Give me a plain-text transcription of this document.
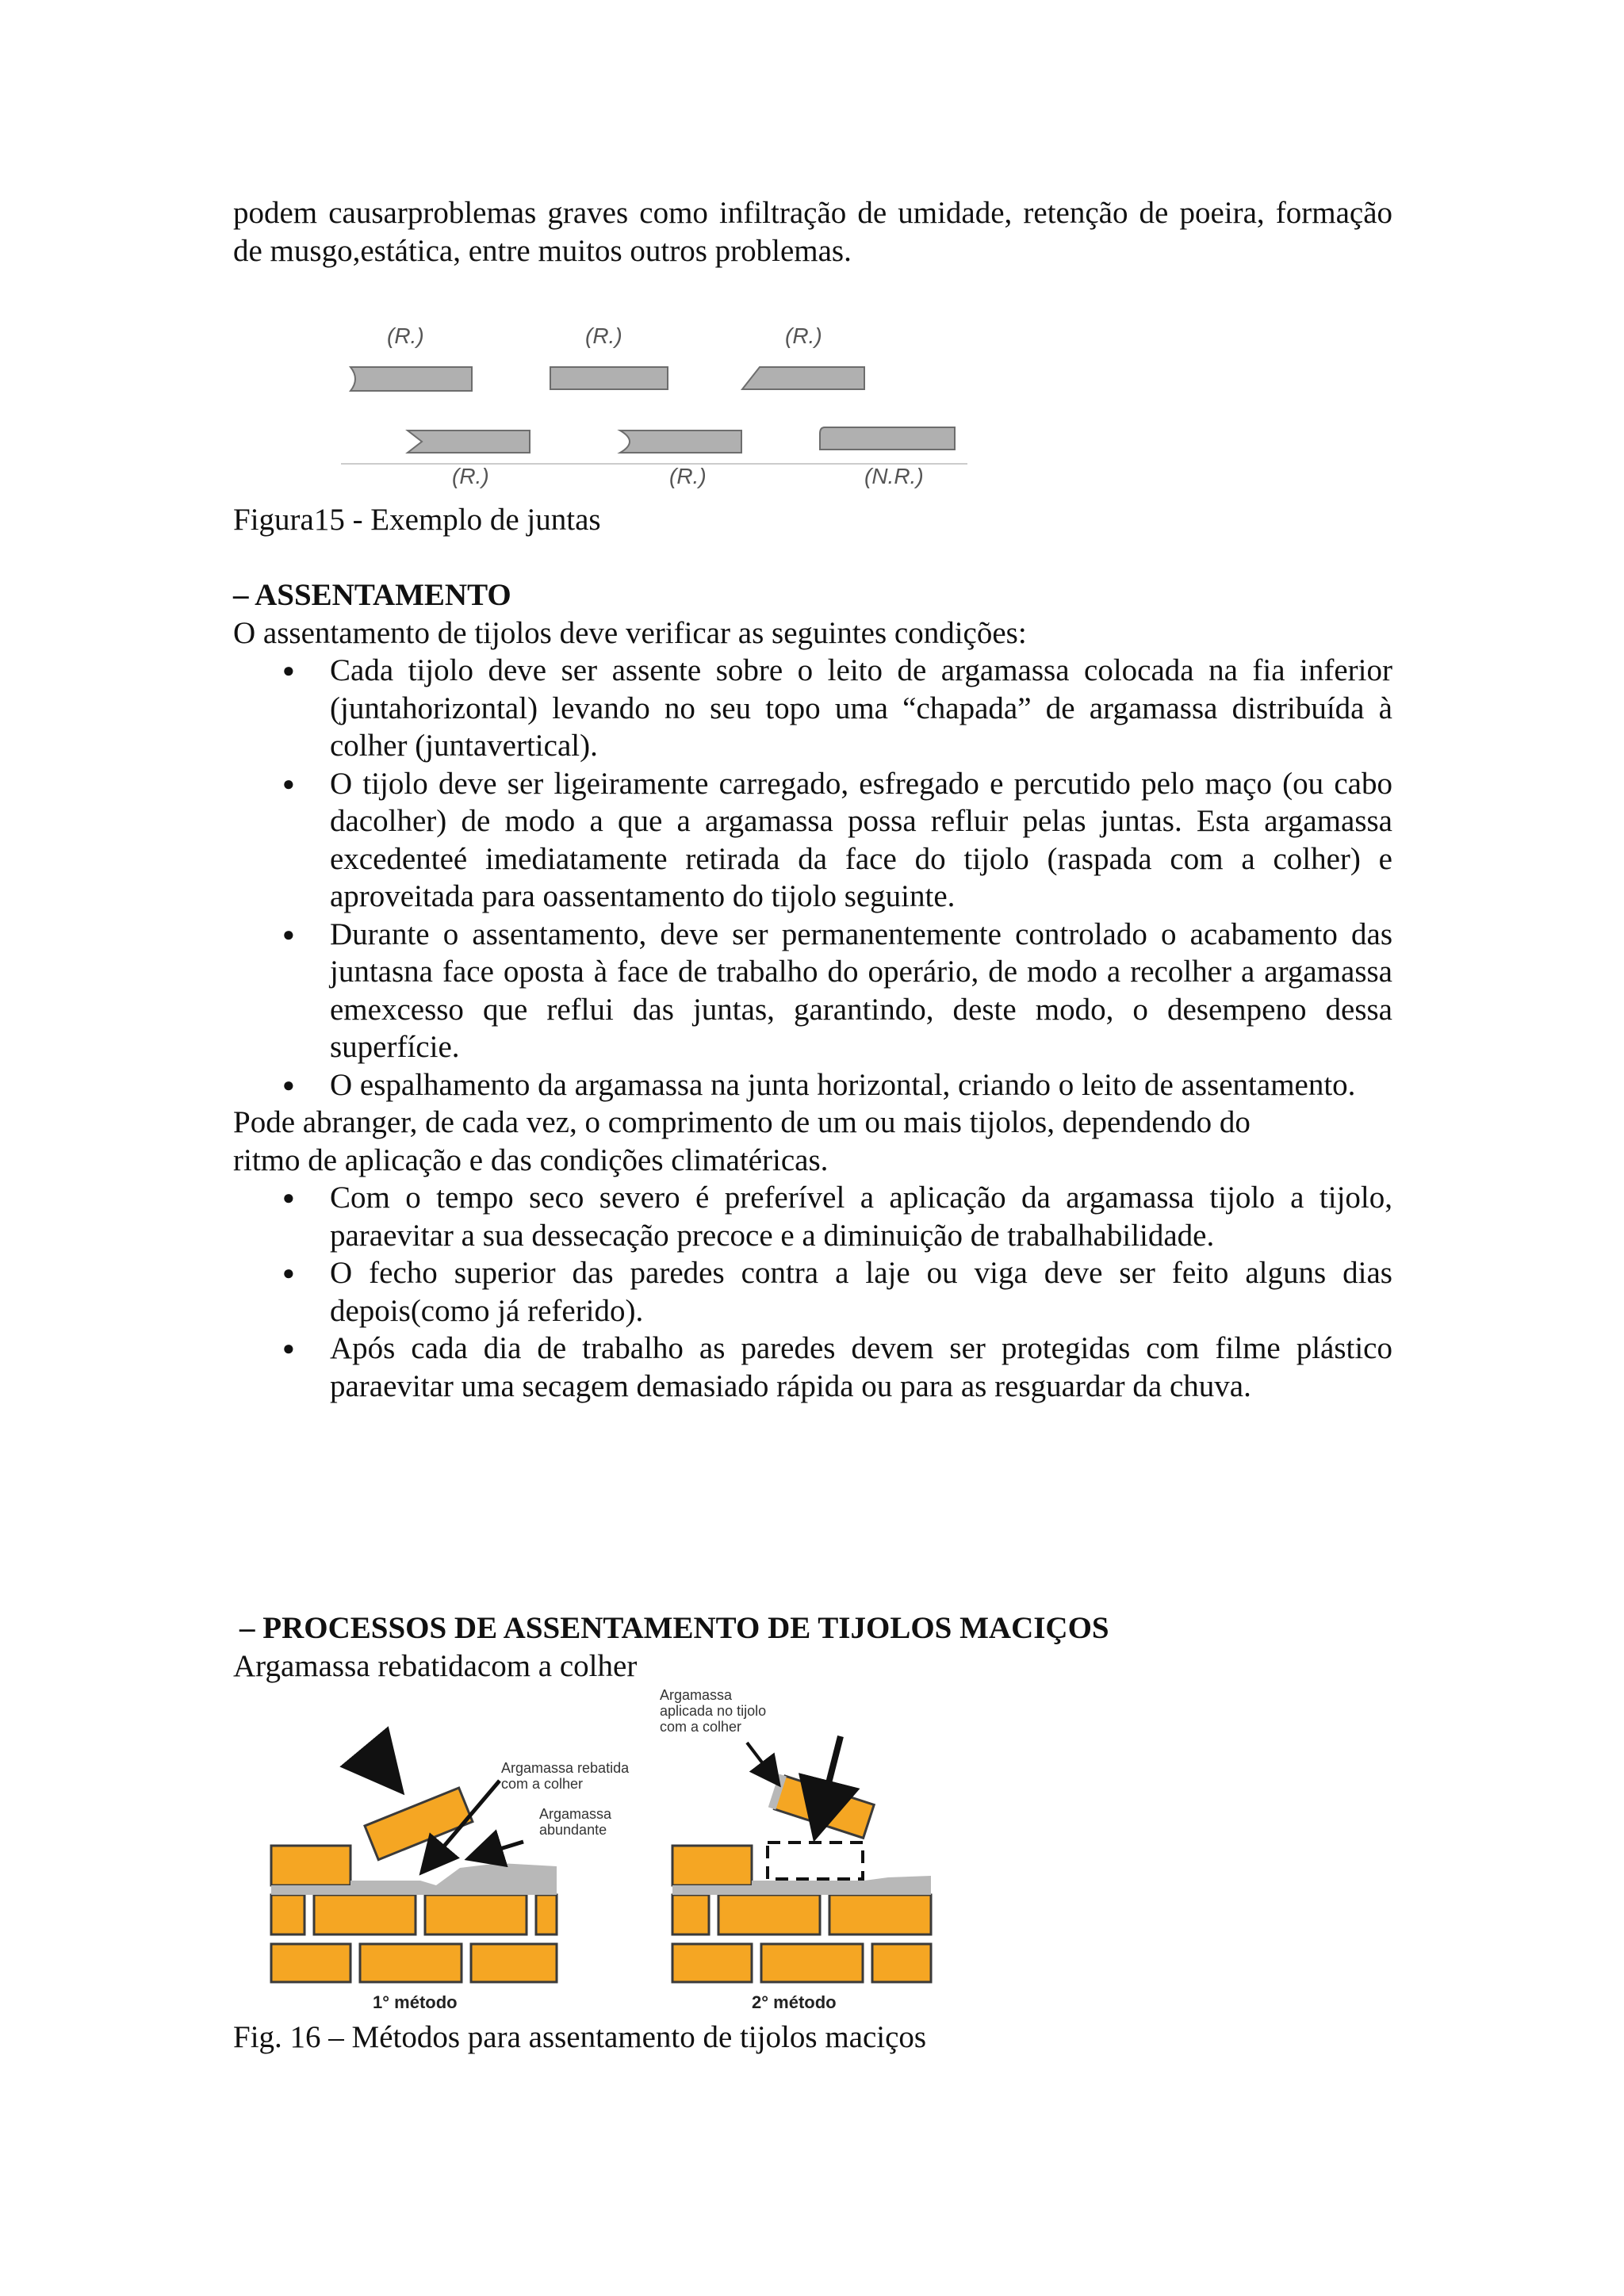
podem causarproblemas graves como infiltração de umidade, retenção de poeira, formação de musgo,estática, entre muitos outros problemas.

(R.)	(R.)	(R.)
(R.)	(R.)	(N.R.)

Figura15 - Exemplo de juntas

– ASSENTAMENTO

O assentamento de tijolos deve verificar as seguintes condições:

● Cada tijolo deve ser assente sobre o leito de argamassa colocada na fia inferior (juntahorizontal) levando no seu topo uma “chapada” de argamassa distribuída à colher (juntavertical).
● O tijolo deve ser ligeiramente carregado, esfregado e percutido pelo maço (ou cabo dacolher) de modo a que a argamassa possa refluir pelas juntas. Esta argamassa excedenteé imediatamente retirada da face do tijolo (raspada com a colher) e aproveitada para oassentamento do tijolo seguinte.
● Durante o assentamento, deve ser permanentemente controlado o acabamento das juntasna face oposta à face de trabalho do operário, de modo a recolher a argamassa emexcesso que reflui das juntas, garantindo, deste modo, o desempeno dessa superfície.
● O espalhamento da argamassa na junta horizontal, criando o leito de assentamento.

Pode abranger, de cada vez, o comprimento de um ou mais tijolos, dependendo do

ritmo de aplicação e das condições climatéricas.

● Com o tempo seco severo é preferível a aplicação da argamassa tijolo a tijolo, paraevitar a sua dessecação precoce e a diminuição de trabalhabilidade.
● O fecho superior das paredes contra a laje ou viga deve ser feito alguns dias depois(como já referido).
● Após cada dia de trabalho as paredes devem ser protegidas com filme plástico paraevitar uma secagem demasiado rápida ou para as resguardar da chuva.

– PROCESSOS DE ASSENTAMENTO DE TIJOLOS MACIÇOS

Argamassa rebatidacom a colher

Argamassa rebatida
com a colher
Argamassa
abundante
Argamassa
aplicada no tijolo
com a colher
1° método	2° método

Fig. 16 – Métodos para assentamento de tijolos maciços
